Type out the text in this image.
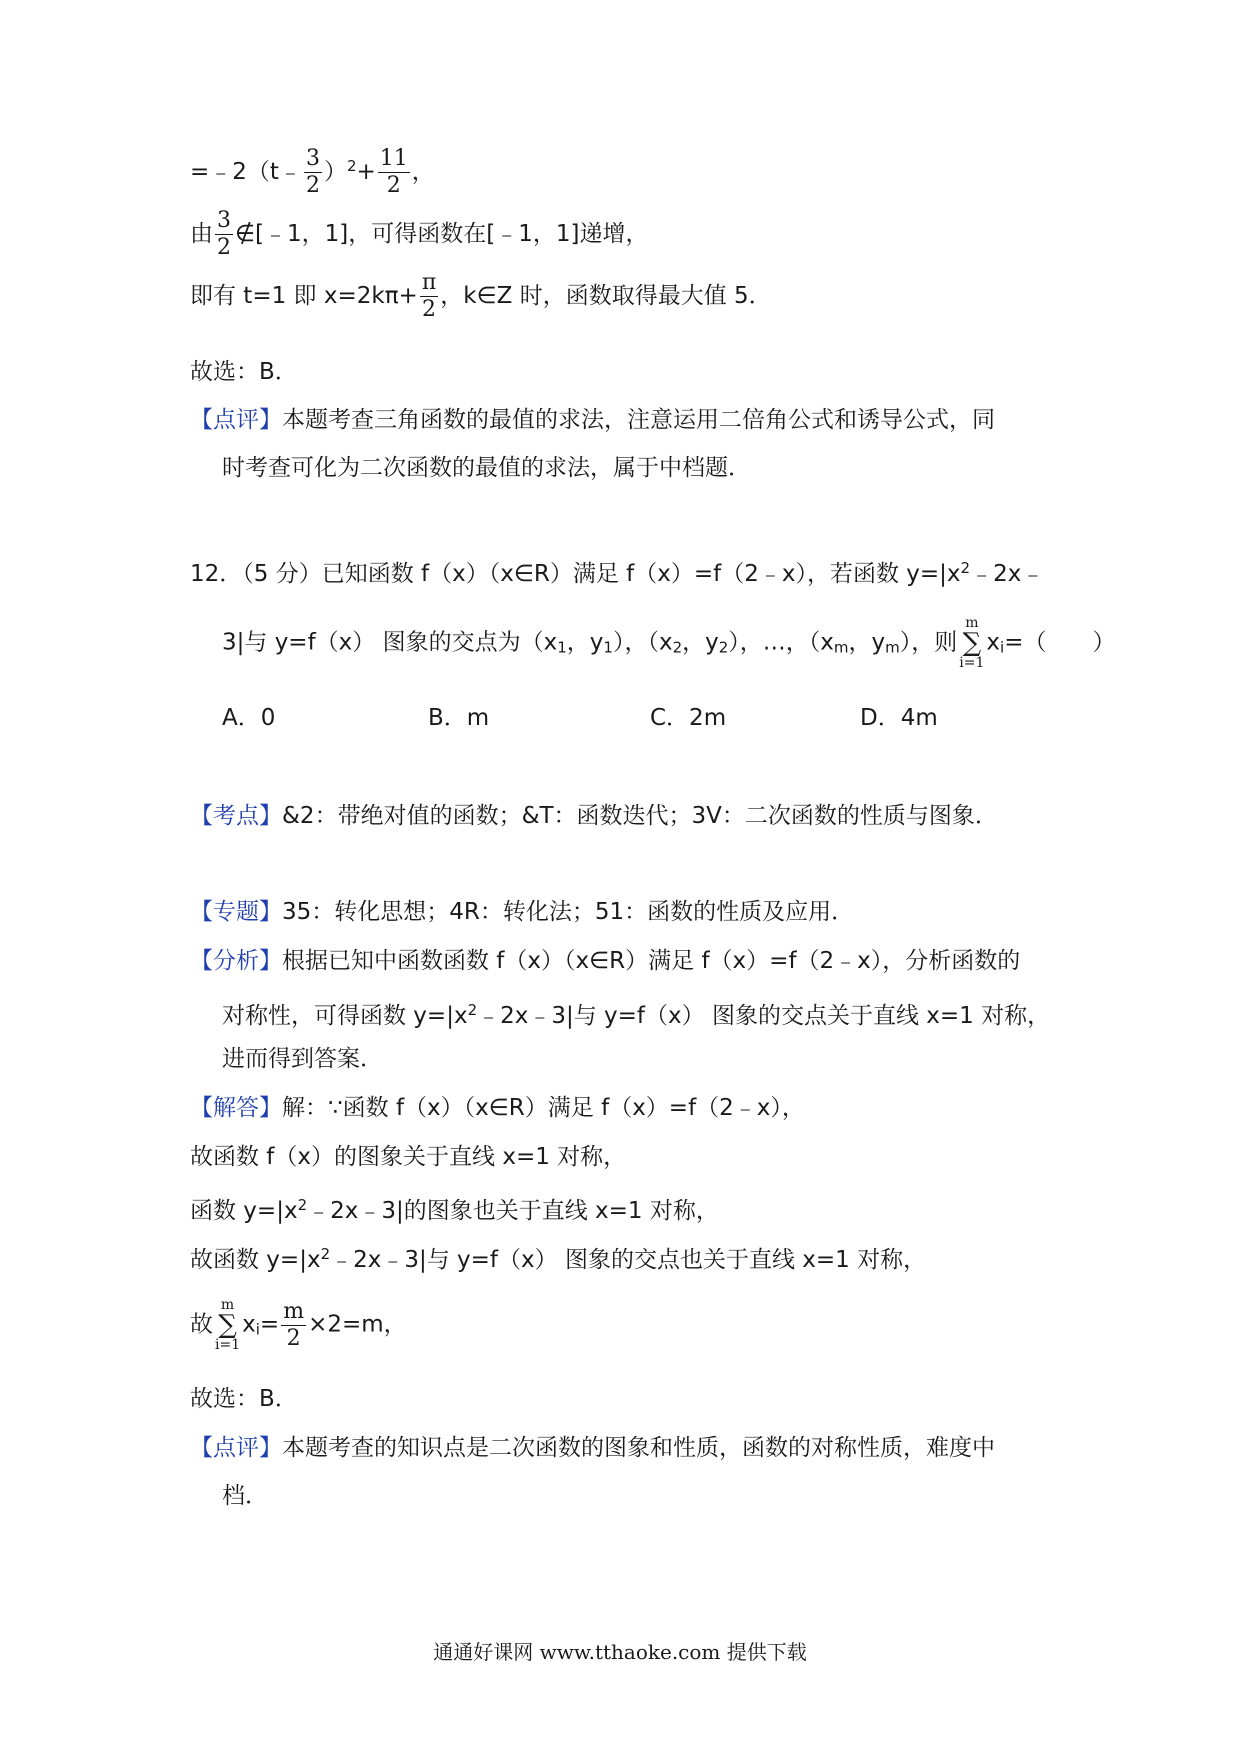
=﹣2（t﹣ $\frac{3}{2} )^2+ \frac{11}{2}$ ，
由 $\frac{3}{2}$ ∉[﹣1，1]，可得函数在[﹣1，1]递增，
即有 t=1 即 $x=2k\pi+ \frac{\pi}{2}$ ，k∈Z 时，函数取得最大值 5．
故选：B．
【点评】本题考查三角函数的最值的求法，注意运用二倍角公式和诱导公式，同
时考查可化为二次函数的最值的求法，属于中档题．
12．（5 分）已知函数 f（x）（x∈R）满足 f（x）=f（2﹣x），若函数 $y=|x^2﹣2x﹣$
3|与 y=f（x） 图象的交点为（$x_1$，$y_1$），（$x_2$，$y_2$），…，（$x_m$，$y_m$），则
m
∑
i=1
$x_i=$（　　）
A．0	B．m	C．2m	D．4m
【考点】&2：带绝对值的函数；&T：函数迭代；3V：二次函数的性质与图象．
【专题】35：转化思想；4R：转化法；51：函数的性质及应用．
【分析】根据已知中函数函数 f（x）（x∈R）满足 f（x）=f（2﹣x），分析函数的
对称性，可得函数 $y=|x^2﹣2x﹣3|$与 y=f（x） 图象的交点关于直线 x=1 对称，
进而得到答案．
【解答】解：∵函数 f（x）（x∈R）满足 f（x）=f（2﹣x），
故函数 f（x）的图象关于直线 x=1 对称，
函数 $y=|x^2﹣2x﹣3|$的图象也关于直线 x=1 对称，
故函数 $y=|x^2﹣2x﹣3|$与 y=f（x） 图象的交点也关于直线 x=1 对称，
故
m
∑
i=1
$x_i= \frac{m}{2} \times 2=m$，
故选：B．
【点评】本题考查的知识点是二次函数的图象和性质，函数的对称性质，难度中
档．
通通好课网 www.tthaoke.com 提供下载
